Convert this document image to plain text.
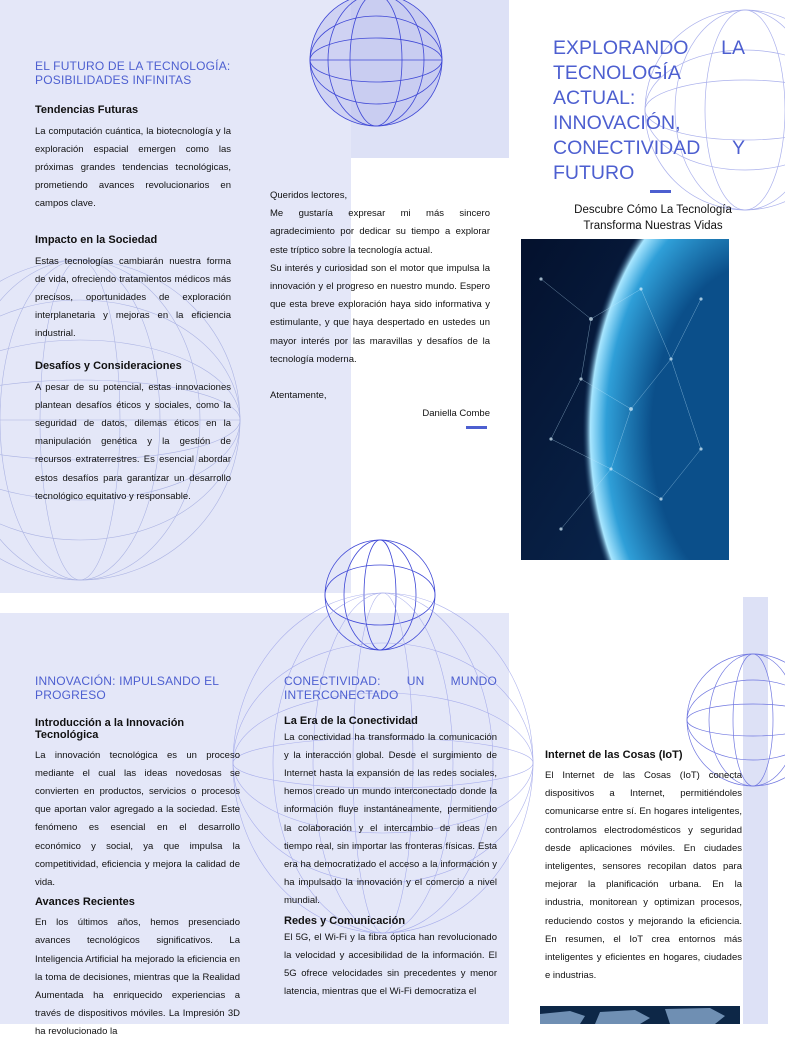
EL FUTURO DE LA TECNOLOGÍA: POSIBILIDADES INFINITAS

Tendencias Futuras

La computación cuántica, la biotecnología y la exploración espacial emergen como las próximas grandes tendencias tecnológicas, prometiendo avances revolucionarios en campos clave.

Impacto en la Sociedad

Estas tecnologías cambiarán nuestra forma de vida, ofreciendo tratamientos médicos más precisos, oportunidades de exploración interplanetaria y mejoras en la eficiencia industrial.

Desafíos y Consideraciones

A pesar de su potencial, estas innovaciones plantean desafíos éticos y sociales, como la seguridad de datos, dilemas éticos en la manipulación genética y la gestión de recursos extraterrestres. Es esencial abordar estos desafíos para garantizar un desarrollo tecnológico equitativo y responsable.

Queridos lectores,

Me gustaría expresar mi más sincero agradecimiento por dedicar su tiempo a explorar este tríptico sobre la tecnología actual.

Su interés y curiosidad son el motor que impulsa la innovación y el progreso en nuestro mundo. Espero que esta breve exploración haya sido informativa y estimulante, y que haya despertado en ustedes un mayor interés por las maravillas y desafíos de la tecnología moderna.

Atentamente,

Daniella Combe

EXPLORANDO LA TECNOLOGÍA ACTUAL: INNOVACIÓN, CONECTIVIDAD Y FUTURO
Descubre Cómo La Tecnología Transforma Nuestras Vidas
INNOVACIÓN: IMPULSANDO EL PROGRESO

Introducción a la Innovación Tecnológica

La innovación tecnológica es un proceso mediante el cual las ideas novedosas se convierten en productos, servicios o procesos que aportan valor agregado a la sociedad. Este fenómeno es esencial en el desarrollo económico y social, ya que impulsa la competitividad, eficiencia y mejora la calidad de vida.

Avances Recientes

En los últimos años, hemos presenciado avances tecnológicos significativos. La Inteligencia Artificial ha mejorado la eficiencia en la toma de decisiones, mientras que la Realidad Aumentada ha enriquecido experiencias a través de dispositivos móviles. La Impresión 3D ha revolucionado la

CONECTIVIDAD: UN MUNDO INTERCONECTADO

La Era de la Conectividad

La conectividad ha transformado la comunicación y la interacción global. Desde el surgimiento de Internet hasta la expansión de las redes sociales, hemos creado un mundo interconectado donde la información fluye instantáneamente, permitiendo la colaboración y el intercambio de ideas en tiempo real, sin importar las fronteras físicas. Esta era ha democratizado el acceso a la información y ha impulsado la innovación y el comercio a nivel mundial.

Redes y Comunicación

El 5G, el Wi-Fi y la fibra óptica han revolucionado la velocidad y accesibilidad de la información. El 5G ofrece velocidades sin precedentes y menor latencia, mientras que el Wi-Fi democratiza el

Internet de las Cosas (IoT)

El Internet de las Cosas (IoT) conecta dispositivos a Internet, permitiéndoles comunicarse entre sí. En hogares inteligentes, controlamos electrodomésticos y seguridad desde aplicaciones móviles. En ciudades inteligentes, sensores recopilan datos para mejorar la planificación urbana. En la industria, monitorean y optimizan procesos, reduciendo costos y mejorando la eficiencia. En resumen, el IoT crea entornos más inteligentes y eficientes en hogares, ciudades e industrias.
